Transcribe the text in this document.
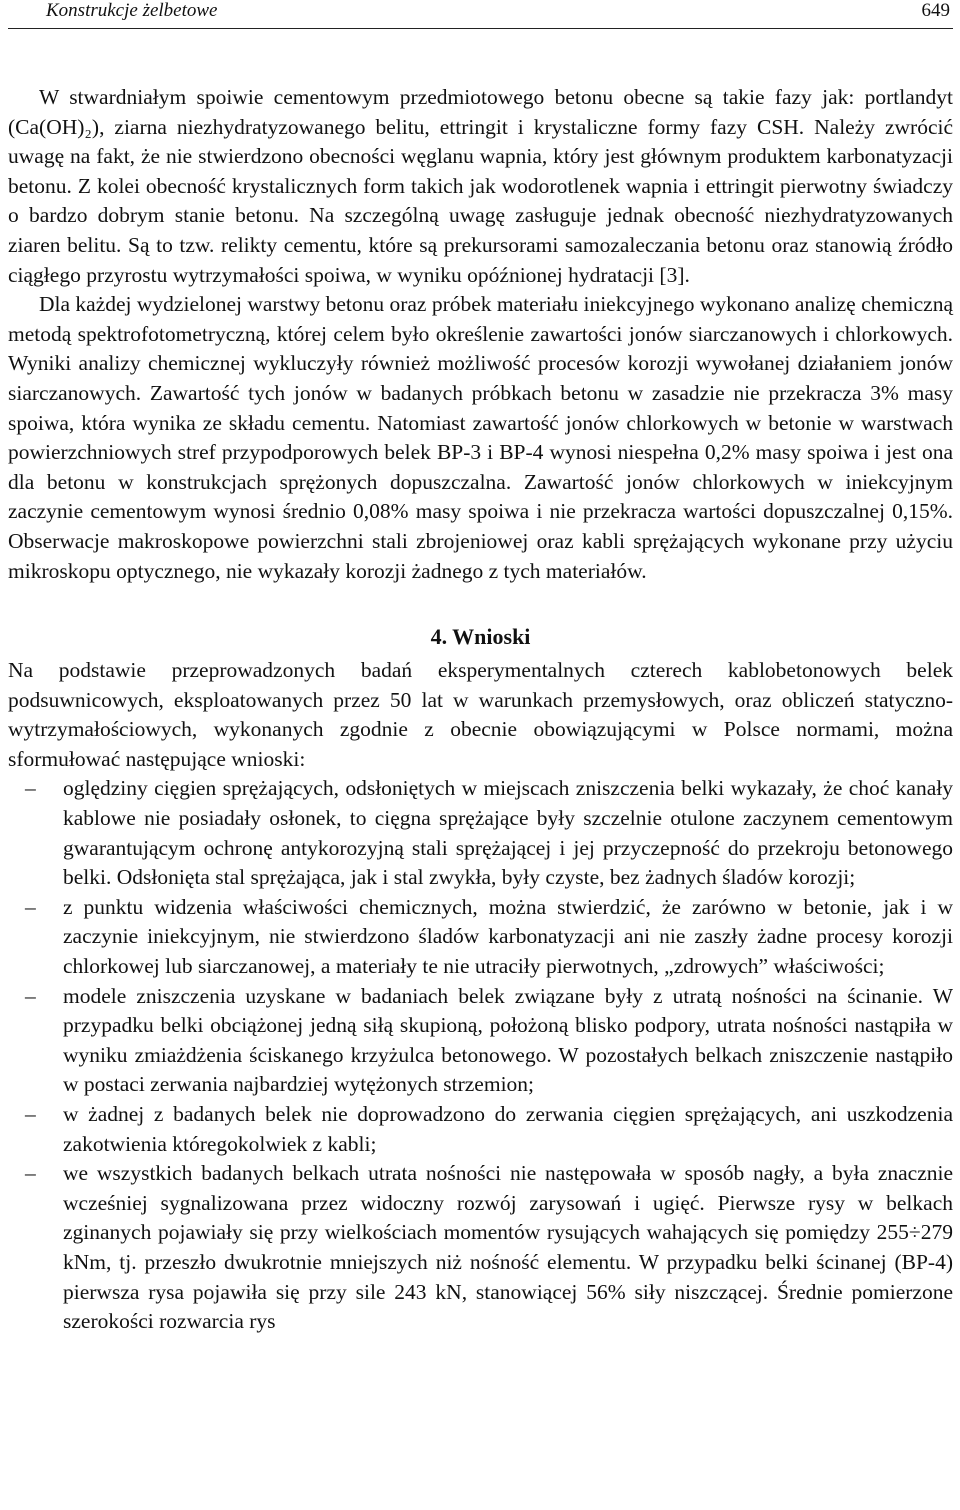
Konstrukcje żelbetowe	649

W stwardniałym spoiwie cementowym przedmiotowego betonu obecne są takie fazy jak: portlandyt (Ca(OH)₂), ziarna niezhydratyzowanego belitu, ettringit i krystaliczne formy fazy CSH. Należy zwrócić uwagę na fakt, że nie stwierdzono obecności węglanu wapnia, który jest głównym produktem karbonatyzacji betonu. Z kolei obecność krystalicznych form takich jak wodorotlenek wapnia i ettringit pierwotny świadczy o bardzo dobrym stanie betonu. Na szczególną uwagę zasługuje jednak obecność niezhydratyzowanych ziaren belitu. Są to tzw. relikty cementu, które są prekursorami samozaleczania betonu oraz stanowią źródło ciągłego przyrostu wytrzymałości spoiwa, w wyniku opóźnionej hydratacji [3].

Dla każdej wydzielonej warstwy betonu oraz próbek materiału iniekcyjnego wykonano analizę chemiczną metodą spektrofotometryczną, której celem było określenie zawartości jonów siarczanowych i chlorkowych. Wyniki analizy chemicznej wykluczyły również możliwość procesów korozji wywołanej działaniem jonów siarczanowych. Zawartość tych jonów w badanych próbkach betonu w zasadzie nie przekracza 3% masy spoiwa, która wynika ze składu cementu. Natomiast zawartość jonów chlorkowych w betonie w warstwach powierzchniowych stref przypodporowych belek BP-3 i BP-4 wynosi niespełna 0,2% masy spoiwa i jest ona dla betonu w konstrukcjach sprężonych dopuszczalna. Zawartość jonów chlorkowych w iniekcyjnym zaczynie cementowym wynosi średnio 0,08% masy spoiwa i nie przekracza wartości dopuszczalnej 0,15%. Obserwacje makroskopowe powierzchni stali zbrojeniowej oraz kabli sprężających wykonane przy użyciu mikroskopu optycznego, nie wykazały korozji żadnego z tych materiałów.

4. Wnioski

Na podstawie przeprowadzonych badań eksperymentalnych czterech kablobetonowych belek podsuwnicowych, eksploatowanych przez 50 lat w warunkach przemysłowych, oraz obliczeń statyczno-wytrzymałościowych, wykonanych zgodnie z obecnie obowiązującymi w Polsce normami, można sformułować następujące wnioski:

– oględziny cięgien sprężających, odsłoniętych w miejscach zniszczenia belki wykazały, że choć kanały kablowe nie posiadały osłonek, to cięgna sprężające były szczelnie otulone zaczynem cementowym gwarantującym ochronę antykorozyjną stali sprężającej i jej przyczepność do przekroju betonowego belki. Odsłonięta stal sprężająca, jak i stal zwykła, były czyste, bez żadnych śladów korozji;
– z punktu widzenia właściwości chemicznych, można stwierdzić, że zarówno w betonie, jak i w zaczynie iniekcyjnym, nie stwierdzono śladów karbonatyzacji ani nie zaszły żadne procesy korozji chlorkowej lub siarczanowej, a materiały te nie utraciły pierwotnych, „zdrowych” właściwości;
– modele zniszczenia uzyskane w badaniach belek związane były z utratą nośności na ścinanie. W przypadku belki obciążonej jedną siłą skupioną, położoną blisko podpory, utrata nośności nastąpiła w wyniku zmiażdżenia ściskanego krzyżulca betonowego. W pozostałych belkach zniszczenie nastąpiło w postaci zerwania najbardziej wytężonych strzemion;
– w żadnej z badanych belek nie doprowadzono do zerwania cięgien sprężających, ani uszkodzenia zakotwienia któregokolwiek z kabli;
– we wszystkich badanych belkach utrata nośności nie następowała w sposób nagły, a była znacznie wcześniej sygnalizowana przez widoczny rozwój zarysowań i ugięć. Pierwsze rysy w belkach zginanych pojawiały się przy wielkościach momentów rysujących wahających się pomiędzy 255÷279 kNm, tj. przeszło dwukrotnie mniejszych niż nośność elementu. W przypadku belki ścinanej (BP-4) pierwsza rysa pojawiła się przy sile 243 kN, stanowiącej 56% siły niszczącej. Średnie pomierzone szerokości rozwarcia rys
